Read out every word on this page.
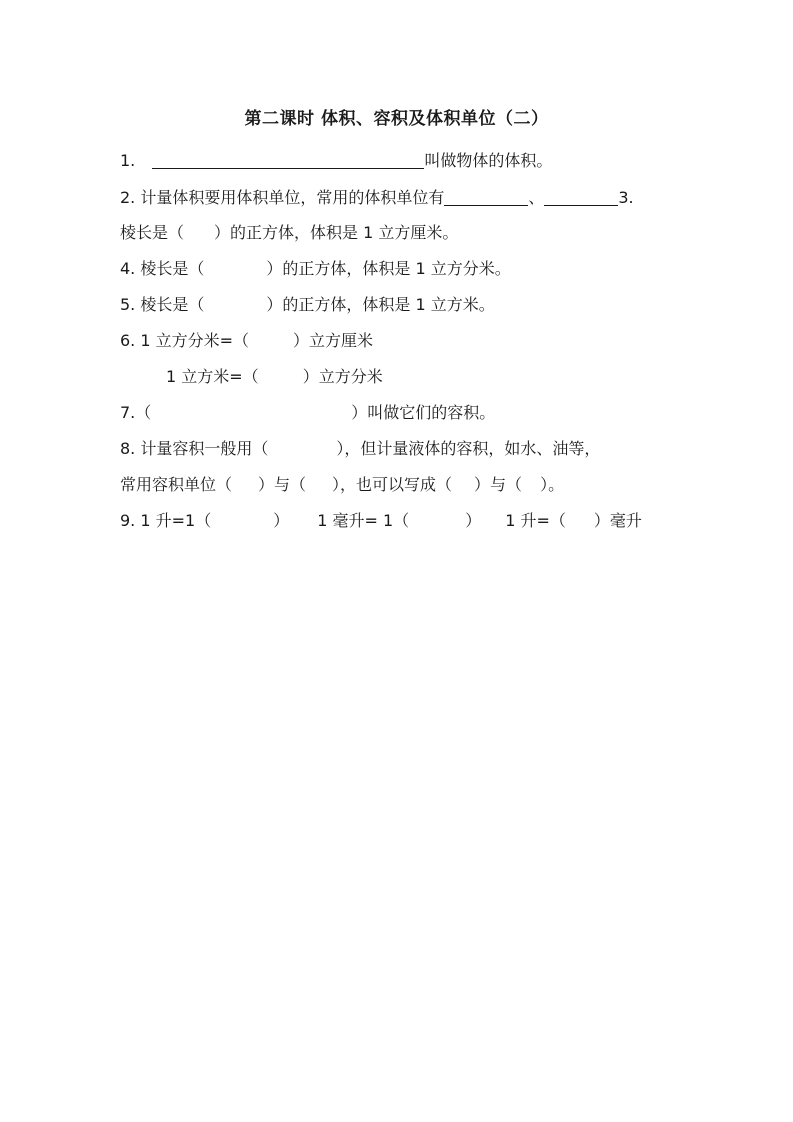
第二课时 体积、容积及体积单位（二）
1.	叫做物体的体积。
2. 计量体积要用体积单位，常用的体积单位有	、	3.
棱长是（ ）的正方体，体积是 1 立方厘米。
4. 棱长是（	）的正方体，体积是 1 立方分米。
5. 棱长是（	）的正方体，体积是 1 立方米。
6. 1 立方分米=（	）立方厘米
1 立方米=（	）立方分米
7.（	）叫做它们的容积。
8. 计量容积一般用（	），但计量液体的容积，如水、油等，
常用容积单位（ ）与（ ），也可以写成（ ）与（ ）。
9. 1 升=1（	） 1 毫升= 1（	） 1 升=（ ）毫升
